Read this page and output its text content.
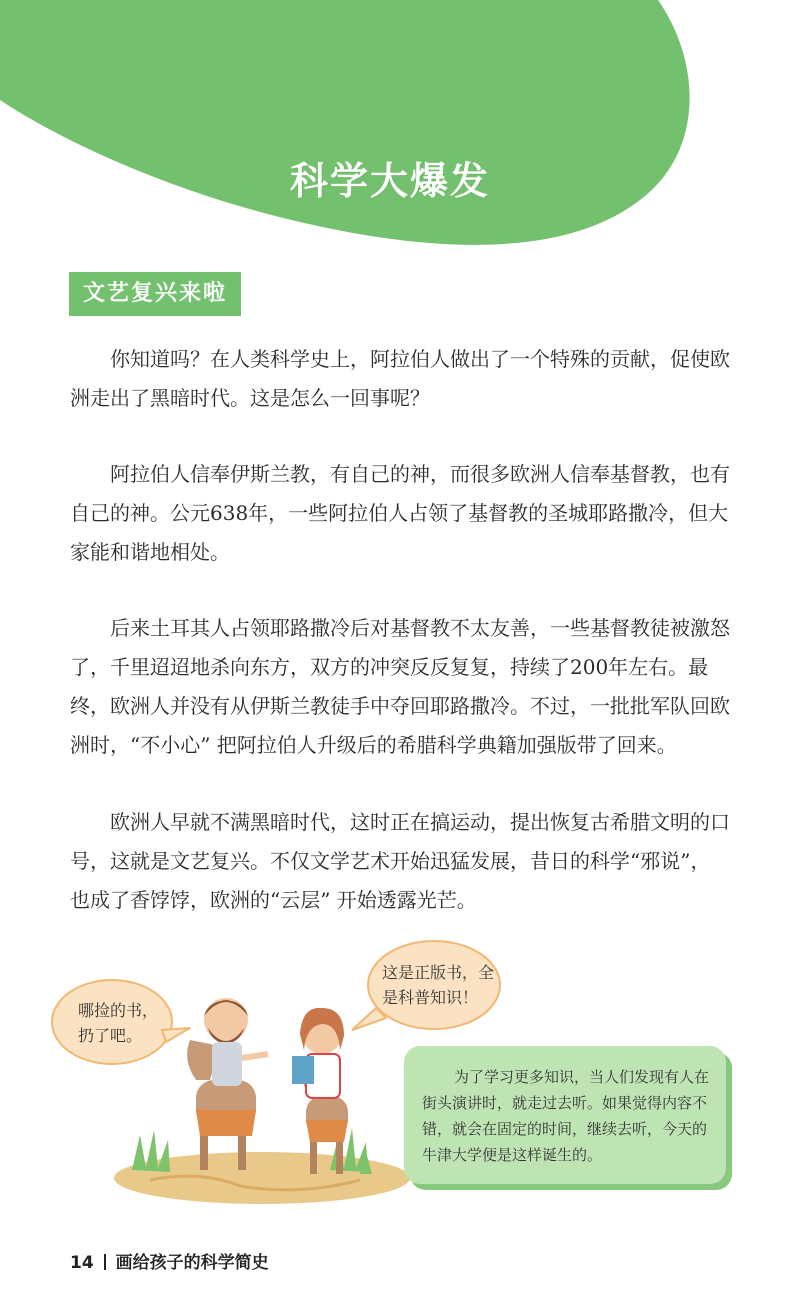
科学大爆发
文艺复兴来啦

你知道吗？在人类科学史上，阿拉伯人做出了一个特殊的贡献，促使欧洲走出了黑暗时代。这是怎么一回事呢？

阿拉伯人信奉伊斯兰教，有自己的神，而很多欧洲人信奉基督教，也有自己的神。公元638年，一些阿拉伯人占领了基督教的圣城耶路撒冷，但大家能和谐地相处。

后来土耳其人占领耶路撒冷后对基督教不太友善，一些基督教徒被激怒了，千里迢迢地杀向东方，双方的冲突反反复复，持续了200年左右。最终，欧洲人并没有从伊斯兰教徒手中夺回耶路撒冷。不过，一批批军队回欧洲时，“不小心” 把阿拉伯人升级后的希腊科学典籍加强版带了回来。

欧洲人早就不满黑暗时代，这时正在搞运动，提出恢复古希腊文明的口号，这就是文艺复兴。不仅文学艺术开始迅猛发展，昔日的科学“邪说”，也成了香饽饽，欧洲的“云层” 开始透露光芒。

哪捡的书，
扔了吧。
这是正版书，全
是科普知识！

为了学习更多知识，当人们发现有人在街头演讲时，就走过去听。如果觉得内容不错，就会在固定的时间，继续去听，今天的牛津大学便是这样诞生的。

14 画给孩子的科学简史
